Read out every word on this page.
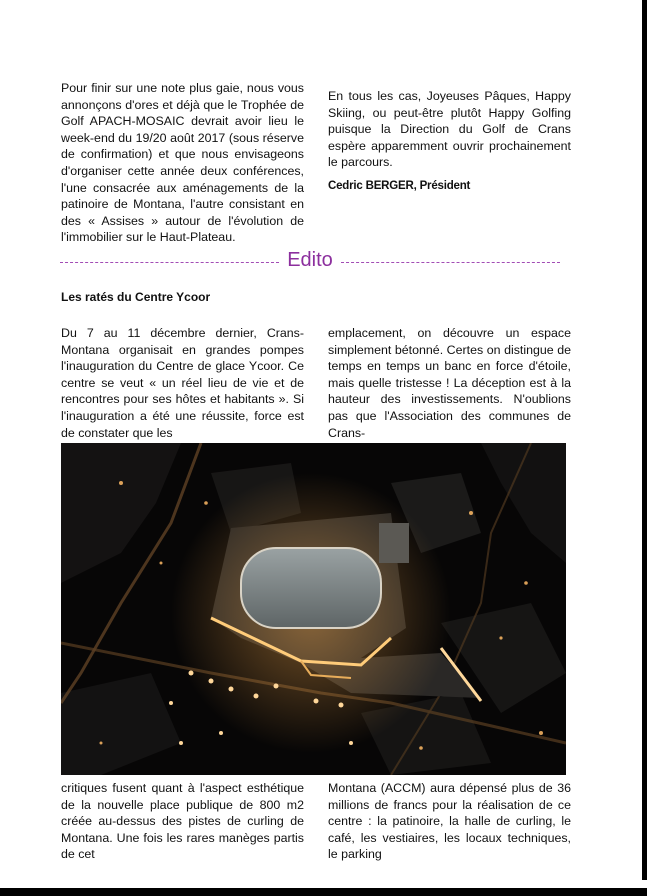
Pour finir sur une note plus gaie, nous vous annonçons d'ores et déjà que le Trophée de Golf APACH-MOSAIC devrait avoir lieu le week-end du 19/20 août 2017 (sous réserve de confirmation) et que nous envisageons d'organiser cette année deux conférences, l'une consacrée aux aménagements de la patinoire de Montana, l'autre consistant en des « Assises » autour de l'évolution de l'immobilier sur le Haut-Plateau.

En tous les cas, Joyeuses Pâques, Happy Skiing, ou peut-être plutôt Happy Golfing puisque la Direction du Golf de Crans espère apparemment ouvrir prochainement le parcours.

Cedric BERGER, Président
Edito
Les ratés du Centre Ycoor

Du 7 au 11 décembre dernier, Crans-Montana organisait en grandes pompes l'inauguration du Centre de glace Ycoor. Ce centre se veut « un réel lieu de vie et de rencontres pour ses hôtes et habitants ». Si l'inauguration a été une réussite, force est de constater que les

emplacement, on découvre un espace simplement bétonné. Certes on distingue de temps en temps un banc en force d'étoile, mais quelle tristesse ! La déception est à la hauteur des investissements. N'oublions pas que l'Association des communes de Crans-

critiques fusent quant à l'aspect esthétique de la nouvelle place publique de 800 m2 créée au-dessus des pistes de curling de Montana. Une fois les rares manèges partis de cet

Montana (ACCM) aura dépensé plus de 36 millions de francs pour la réalisation de ce centre : la patinoire, la halle de curling, le café, les vestiaires, les locaux techniques, le parking
